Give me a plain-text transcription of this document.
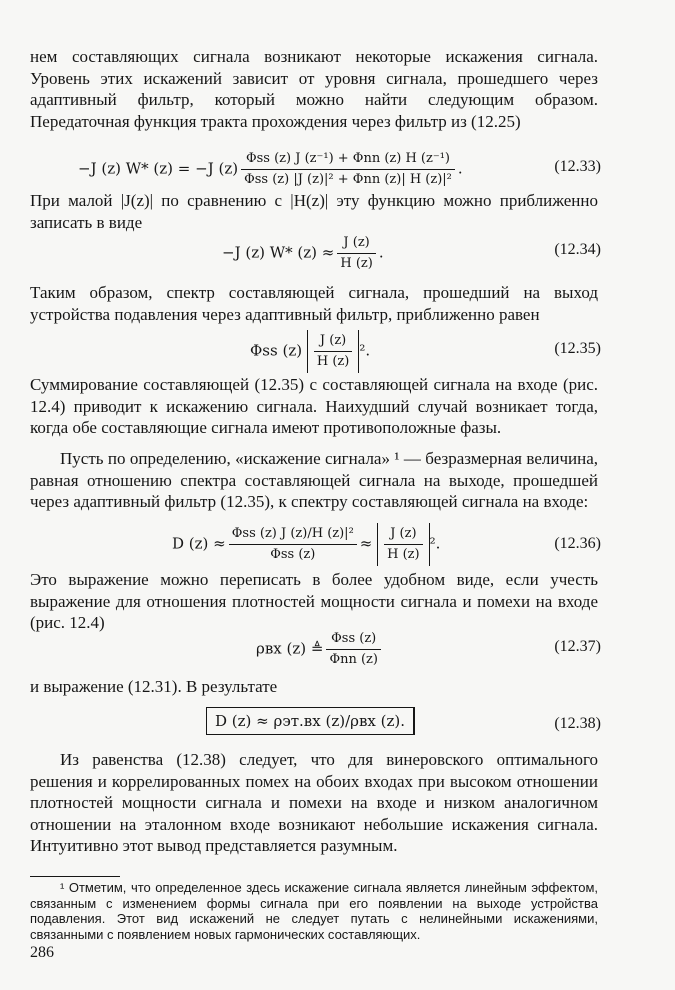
нем составляющих сигнала возникают некоторые искажения сигнала. Уровень этих искажений зависит от уровня сигнала, прошедшего через адаптивный фильтр, который можно найти следующим образом. Передаточная функция тракта прохождения через фильтр из (12.25)
−J (z) W* (z) = −J $(z) \frac{\text{Φss (z) J (z⁻¹) + Φnn (z) H (z⁻¹)}}{\text{Φss (z) |J (z)|² + Φnn (z)| H (z)|²}}$ .	(12.33)
При малой |J(z)| по сравнению с |H(z)| эту функцию можно приближенно записать в виде
−J (z) W* $(z) \approx \frac{J (z)}{H (z)}$ .	(12.34)
Таким образом, спектр составляющей сигнала, прошедший на выход устройства подавления через адаптивный фильтр, приближенно равен
Φss $(z) \frac{J (z)}{H (z)} ^2$.	(12.35)
Суммирование составляющей (12.35) с составляющей сигнала на входе (рис. 12.4) приводит к искажению сигнала. Наихудший случай возникает тогда, когда обе составляющие сигнала имеют противоположные фазы.
Пусть по определению, «искажение сигнала» ¹ — безразмерная величина, равная отношению спектра составляющей сигнала на выходе, прошедшей через адаптивный фильтр (12.35), к спектру составляющей сигнала на входе:
D $(z) \approx \frac{\text{Φss (z) J (z)/H (z)|²}}{\text{Φss (z)}} \approx \frac{J (z)}{H (z)} ^2$.	(12.36)
Это выражение можно переписать в более удобном виде, если учесть выражение для отношения плотностей мощности сигнала и помехи на входе (рис. 12.4)
ρвх (z) ≜ $\frac{\text{Φss (z)}}{\text{Φnn (z)}}$	(12.37)
и выражение (12.31). В результате
D (z) ≈ ρэт.вх (z)/ρвх (z).	(12.38)
Из равенства (12.38) следует, что для винеровского оптимального решения и коррелированных помех на обоих входах при высоком отношении плотностей мощности сигнала и помехи на входе и низком аналогичном отношении на эталонном входе возникают небольшие искажения сигнала. Интуитивно этот вывод представляется разумным.
¹ Отметим, что определенное здесь искажение сигнала является линейным эффектом, связанным с изменением формы сигнала при его появлении на выходе устройства подавления. Этот вид искажений не следует путать с нелинейными искажениями, связанными с появлением новых гармонических составляющих.
286
